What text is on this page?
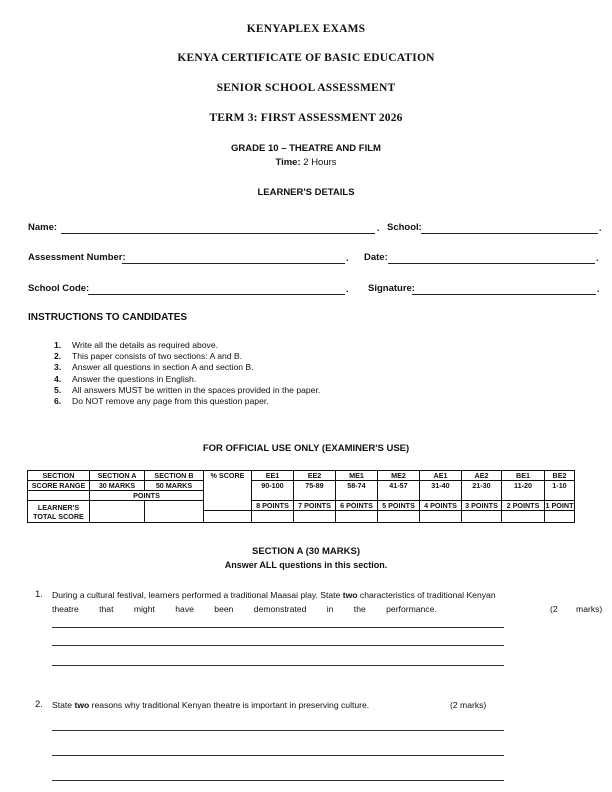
KENYAPLEX EXAMS
KENYA CERTIFICATE OF BASIC EDUCATION
SENIOR SCHOOL ASSESSMENT
TERM 3: FIRST ASSESSMENT 2026
GRADE 10 – THEATRE AND FILM
Time: 2 Hours
LEARNER'S DETAILS
Name:	. School:	.
Assessment Number:	. Date:	.
School Code:	. Signature:	.
INSTRUCTIONS TO CANDIDATES
1. Write all the details as required above.
2. This paper consists of two sections: A and B.
3. Answer all questions in section A and section B.
4. Answer the questions in English.
5. All answers MUST be written in the spaces provided in the paper.
6. Do NOT remove any page from this question paper.
FOR OFFICIAL USE ONLY (EXAMINER'S USE)
SECTION	SECTION A	SECTION B	% SCORE	EE1	EE2	ME1	ME2	AE1	AE2	BE1	BE2
SCORE RANGE	30 MARKS	50 MARKS		90-100	75-89	58-74	41-57	31-40	21-30	11-20	1-10
	POINTS										
LEARNER'S TOTAL SCORE				8 POINTS	7 POINTS	6 POINTS	5 POINTS	4 POINTS	3 POINTS	2 POINTS	1 POINT

SECTION A (30 MARKS)
Answer ALL questions in this section.
1. During a cultural festival, learners performed a traditional Maasai play. State two characteristics of traditional Kenyan
theatre that might have been demonstrated in the performance.	(2 marks)
2. State two reasons why traditional Kenyan theatre is important in preserving culture.	(2 marks)
